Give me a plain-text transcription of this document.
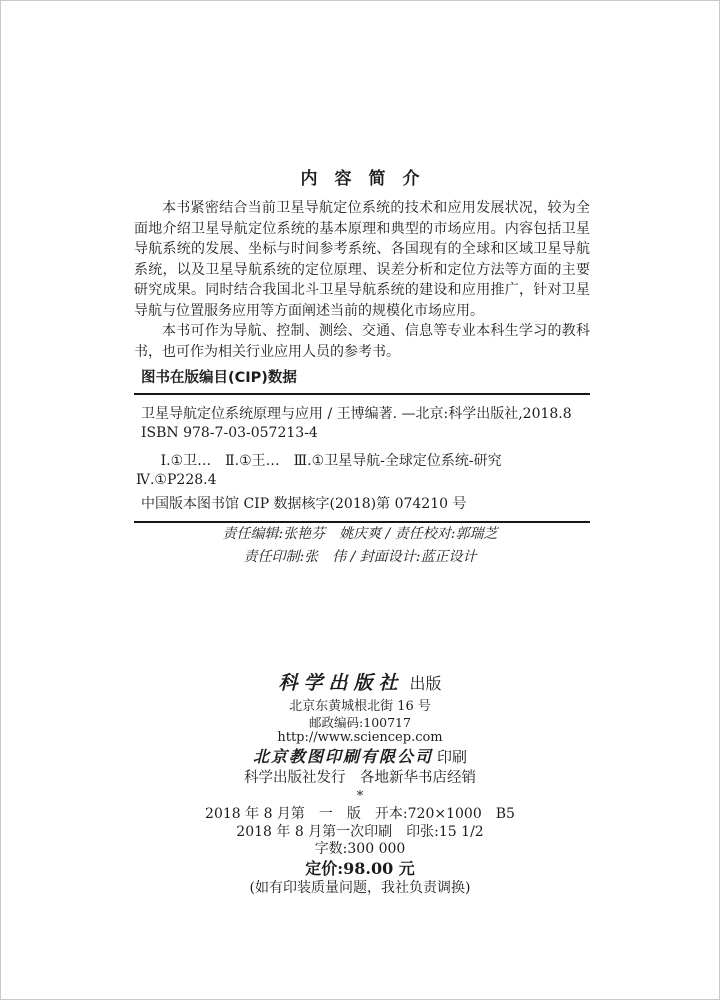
内　容　简　介

本书紧密结合当前卫星导航定位系统的技术和应用发展状况，较为全面地介绍卫星导航定位系统的基本原理和典型的市场应用。内容包括卫星导航系统的发展、坐标与时间参考系统、各国现有的全球和区域卫星导航系统，以及卫星导航系统的定位原理、误差分析和定位方法等方面的主要研究成果。同时结合我国北斗卫星导航系统的建设和应用推广，针对卫星导航与位置服务应用等方面阐述当前的规模化市场应用。

本书可作为导航、控制、测绘、交通、信息等专业本科生学习的教科书，也可作为相关行业应用人员的参考书。

图书在版编目(CIP)数据
卫星导航定位系统原理与应用 / 王博编著. —北京:科学出版社,2018.8
ISBN 978-7-03-057213-4
Ⅰ.①卫…　Ⅱ.①王…　Ⅲ.①卫星导航-全球定位系统-研究
Ⅳ.①P228.4
中国版本图书馆 CIP 数据核字(2018)第 074210 号
责任编辑:张艳芬　姚庆爽 / 责任校对:郭瑞芝
责任印制:张　伟 / 封面设计:蓝正设计
科学出版社 出版
北京东黄城根北街 16 号
邮政编码:100717
http://www.sciencep.com
北京教图印刷有限公司 印刷
科学出版社发行　各地新华书店经销
*
2018 年 8 月第　一　版　开本:720×1000　B5
2018 年 8 月第一次印刷　印张:15 1/2
字数:300 000
定价:98.00 元
(如有印装质量问题，我社负责调换)
